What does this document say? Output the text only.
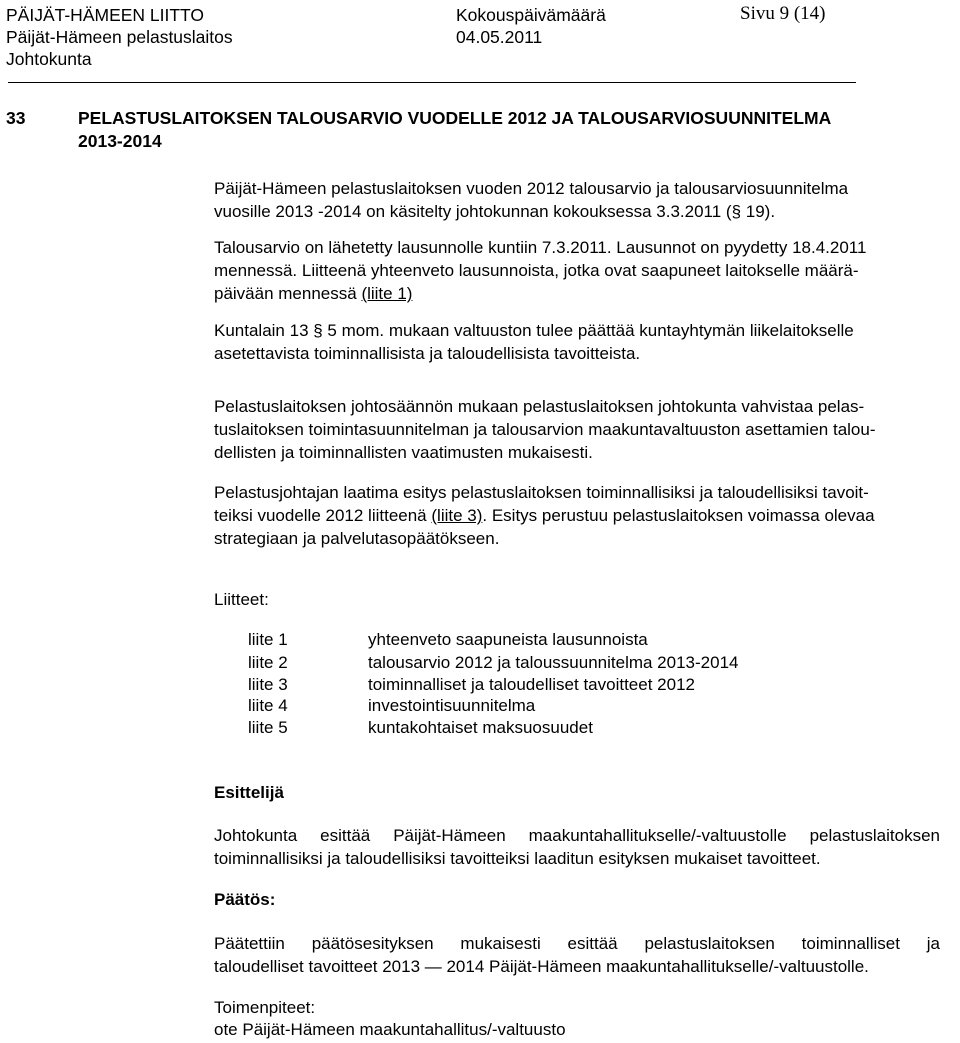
PÄIJÄT-HÄMEEN LIITTO
Päijät-Hämeen pelastuslaitos
Johtokunta
Kokouspäivämäärä
04.05.2011
Sivu 9 (14)
33	PELASTUSLAITOKSEN TALOUSARVIO VUODELLE 2012 JA TALOUSARVIOSUUNNITELMA
2013-2014
Päijät-Hämeen pelastuslaitoksen vuoden 2012 talousarvio ja talousarviosuunnitelma
vuosille 2013 -2014 on käsitelty johtokunnan kokouksessa 3.3.2011 (§ 19).
Talousarvio on lähetetty lausunnolle kuntiin 7.3.2011. Lausunnot on pyydetty 18.4.2011
mennessä. Liitteenä yhteenveto lausunnoista, jotka ovat saapuneet laitokselle määrä-
päivään mennessä (liite 1)
Kuntalain 13 § 5 mom. mukaan valtuuston tulee päättää kuntayhtymän liikelaitokselle
asetettavista toiminnallisista ja taloudellisista tavoitteista.
Pelastuslaitoksen johtosäännön mukaan pelastuslaitoksen johtokunta vahvistaa pelas-
tuslaitoksen toimintasuunnitelman ja talousarvion maakuntavaltuuston asettamien talou-
dellisten ja toiminnallisten vaatimusten mukaisesti.
Pelastusjohtajan laatima esitys pelastuslaitoksen toiminnallisiksi ja taloudellisiksi tavoit-
teiksi vuodelle 2012 liitteenä (liite 3). Esitys perustuu pelastuslaitoksen voimassa olevaa
strategiaan ja palvelutasopäätökseen.
Liitteet:
liite 1	yhteenveto saapuneista lausunnoista
liite 2	talousarvio 2012 ja taloussuunnitelma 2013-2014
liite 3	toiminnalliset ja taloudelliset tavoitteet 2012
liite 4	investointisuunnitelma
liite 5	kuntakohtaiset maksuosuudet
Esittelijä
Johtokunta esittää Päijät-Hämeen maakuntahallitukselle/-valtuustolle pelastuslaitoksen
toiminnallisiksi ja taloudellisiksi tavoitteiksi laaditun esityksen mukaiset tavoitteet.
Päätös:
Päätettiin päätösesityksen mukaisesti esittää pelastuslaitoksen toiminnalliset ja
taloudelliset tavoitteet 2013 — 2014 Päijät-Hämeen maakuntahallitukselle/-valtuustolle.
Toimenpiteet:
ote Päijät-Hämeen maakuntahallitus/-valtuusto
